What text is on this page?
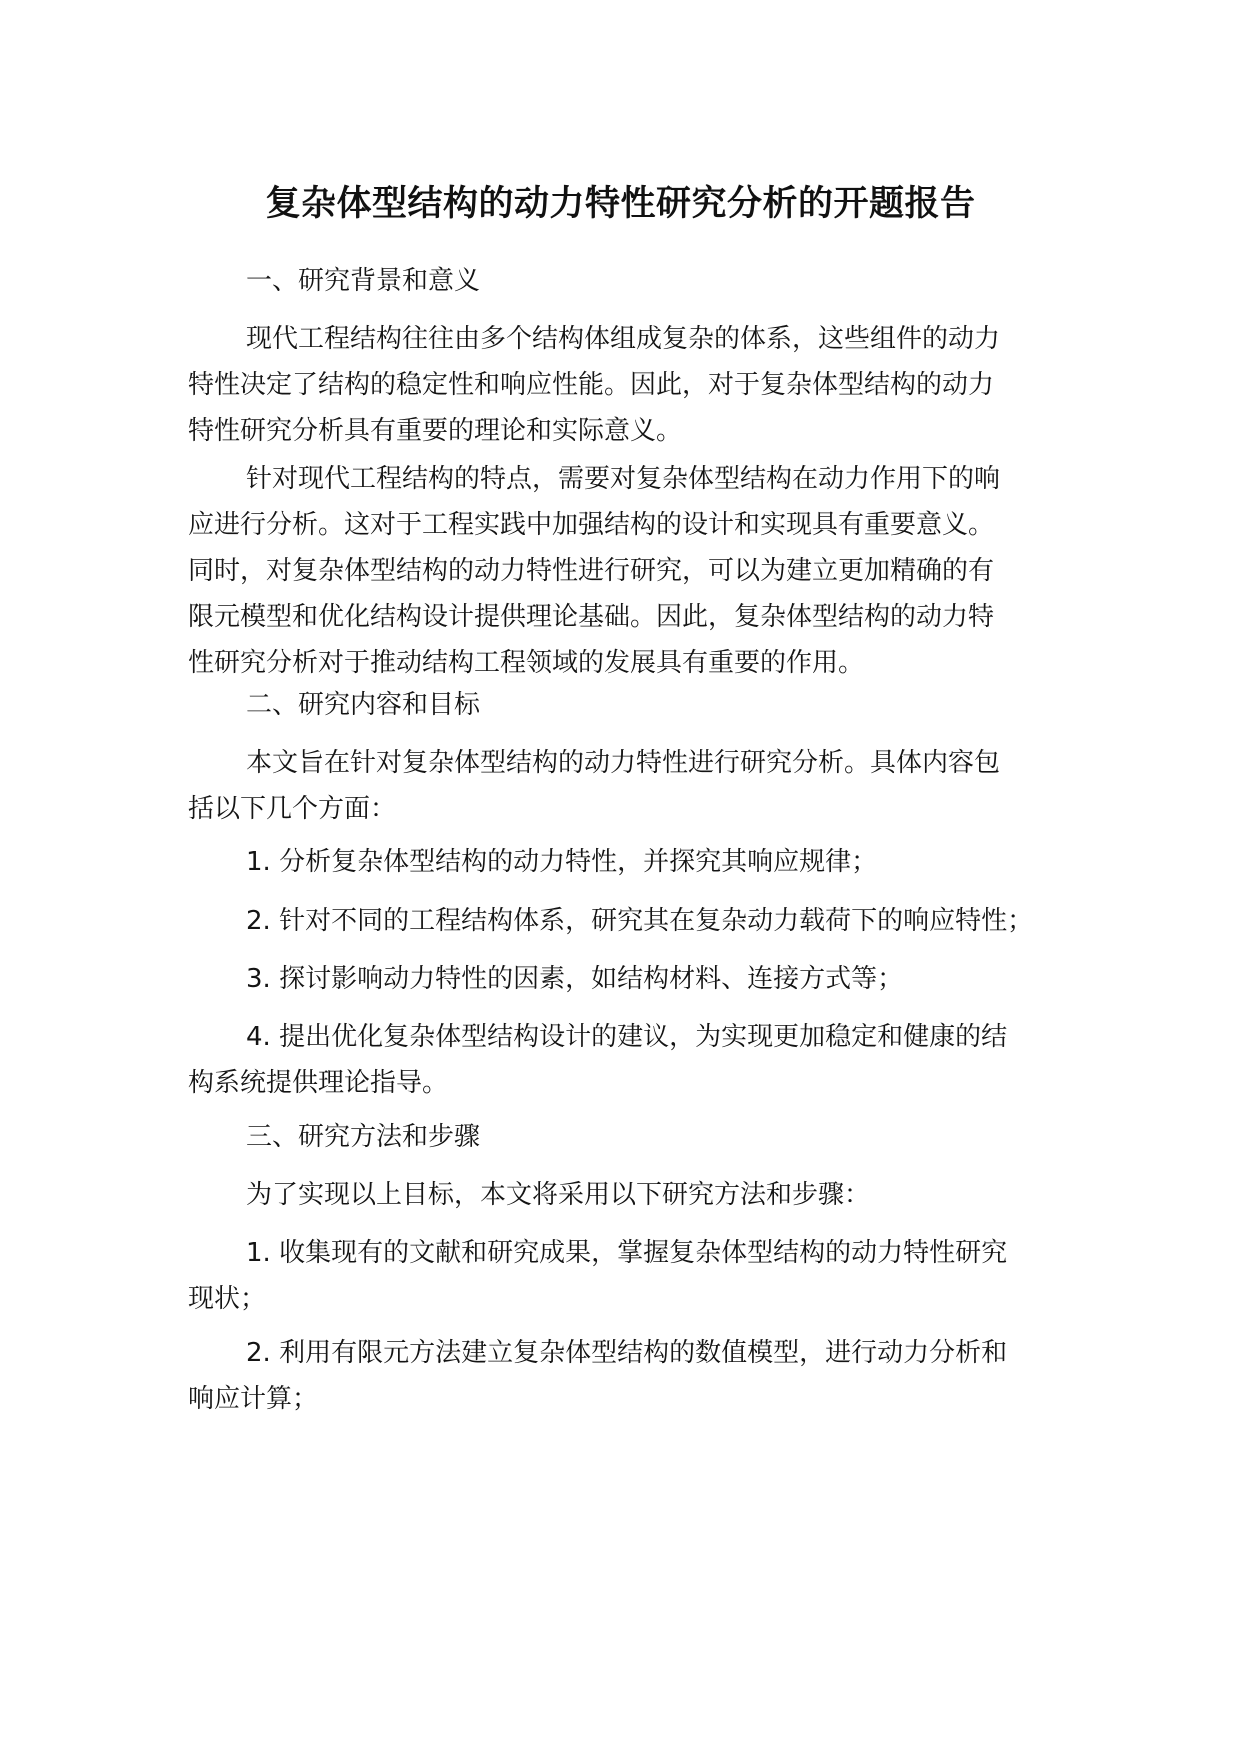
复杂体型结构的动力特性研究分析的开题报告

一、研究背景和意义

现代工程结构往往由多个结构体组成复杂的体系，这些组件的动力
特性决定了结构的稳定性和响应性能。因此，对于复杂体型结构的动力
特性研究分析具有重要的理论和实际意义。
针对现代工程结构的特点，需要对复杂体型结构在动力作用下的响
应进行分析。这对于工程实践中加强结构的设计和实现具有重要意义。
同时，对复杂体型结构的动力特性进行研究，可以为建立更加精确的有
限元模型和优化结构设计提供理论基础。因此，复杂体型结构的动力特
性研究分析对于推动结构工程领域的发展具有重要的作用。

二、研究内容和目标

本文旨在针对复杂体型结构的动力特性进行研究分析。具体内容包
括以下几个方面：

1. 分析复杂体型结构的动力特性，并探究其响应规律；

2. 针对不同的工程结构体系，研究其在复杂动力载荷下的响应特性；

3. 探讨影响动力特性的因素，如结构材料、连接方式等；

4. 提出优化复杂体型结构设计的建议，为实现更加稳定和健康的结
构系统提供理论指导。

三、研究方法和步骤

为了实现以上目标，本文将采用以下研究方法和步骤：

1. 收集现有的文献和研究成果，掌握复杂体型结构的动力特性研究
现状；
2. 利用有限元方法建立复杂体型结构的数值模型，进行动力分析和
响应计算；
